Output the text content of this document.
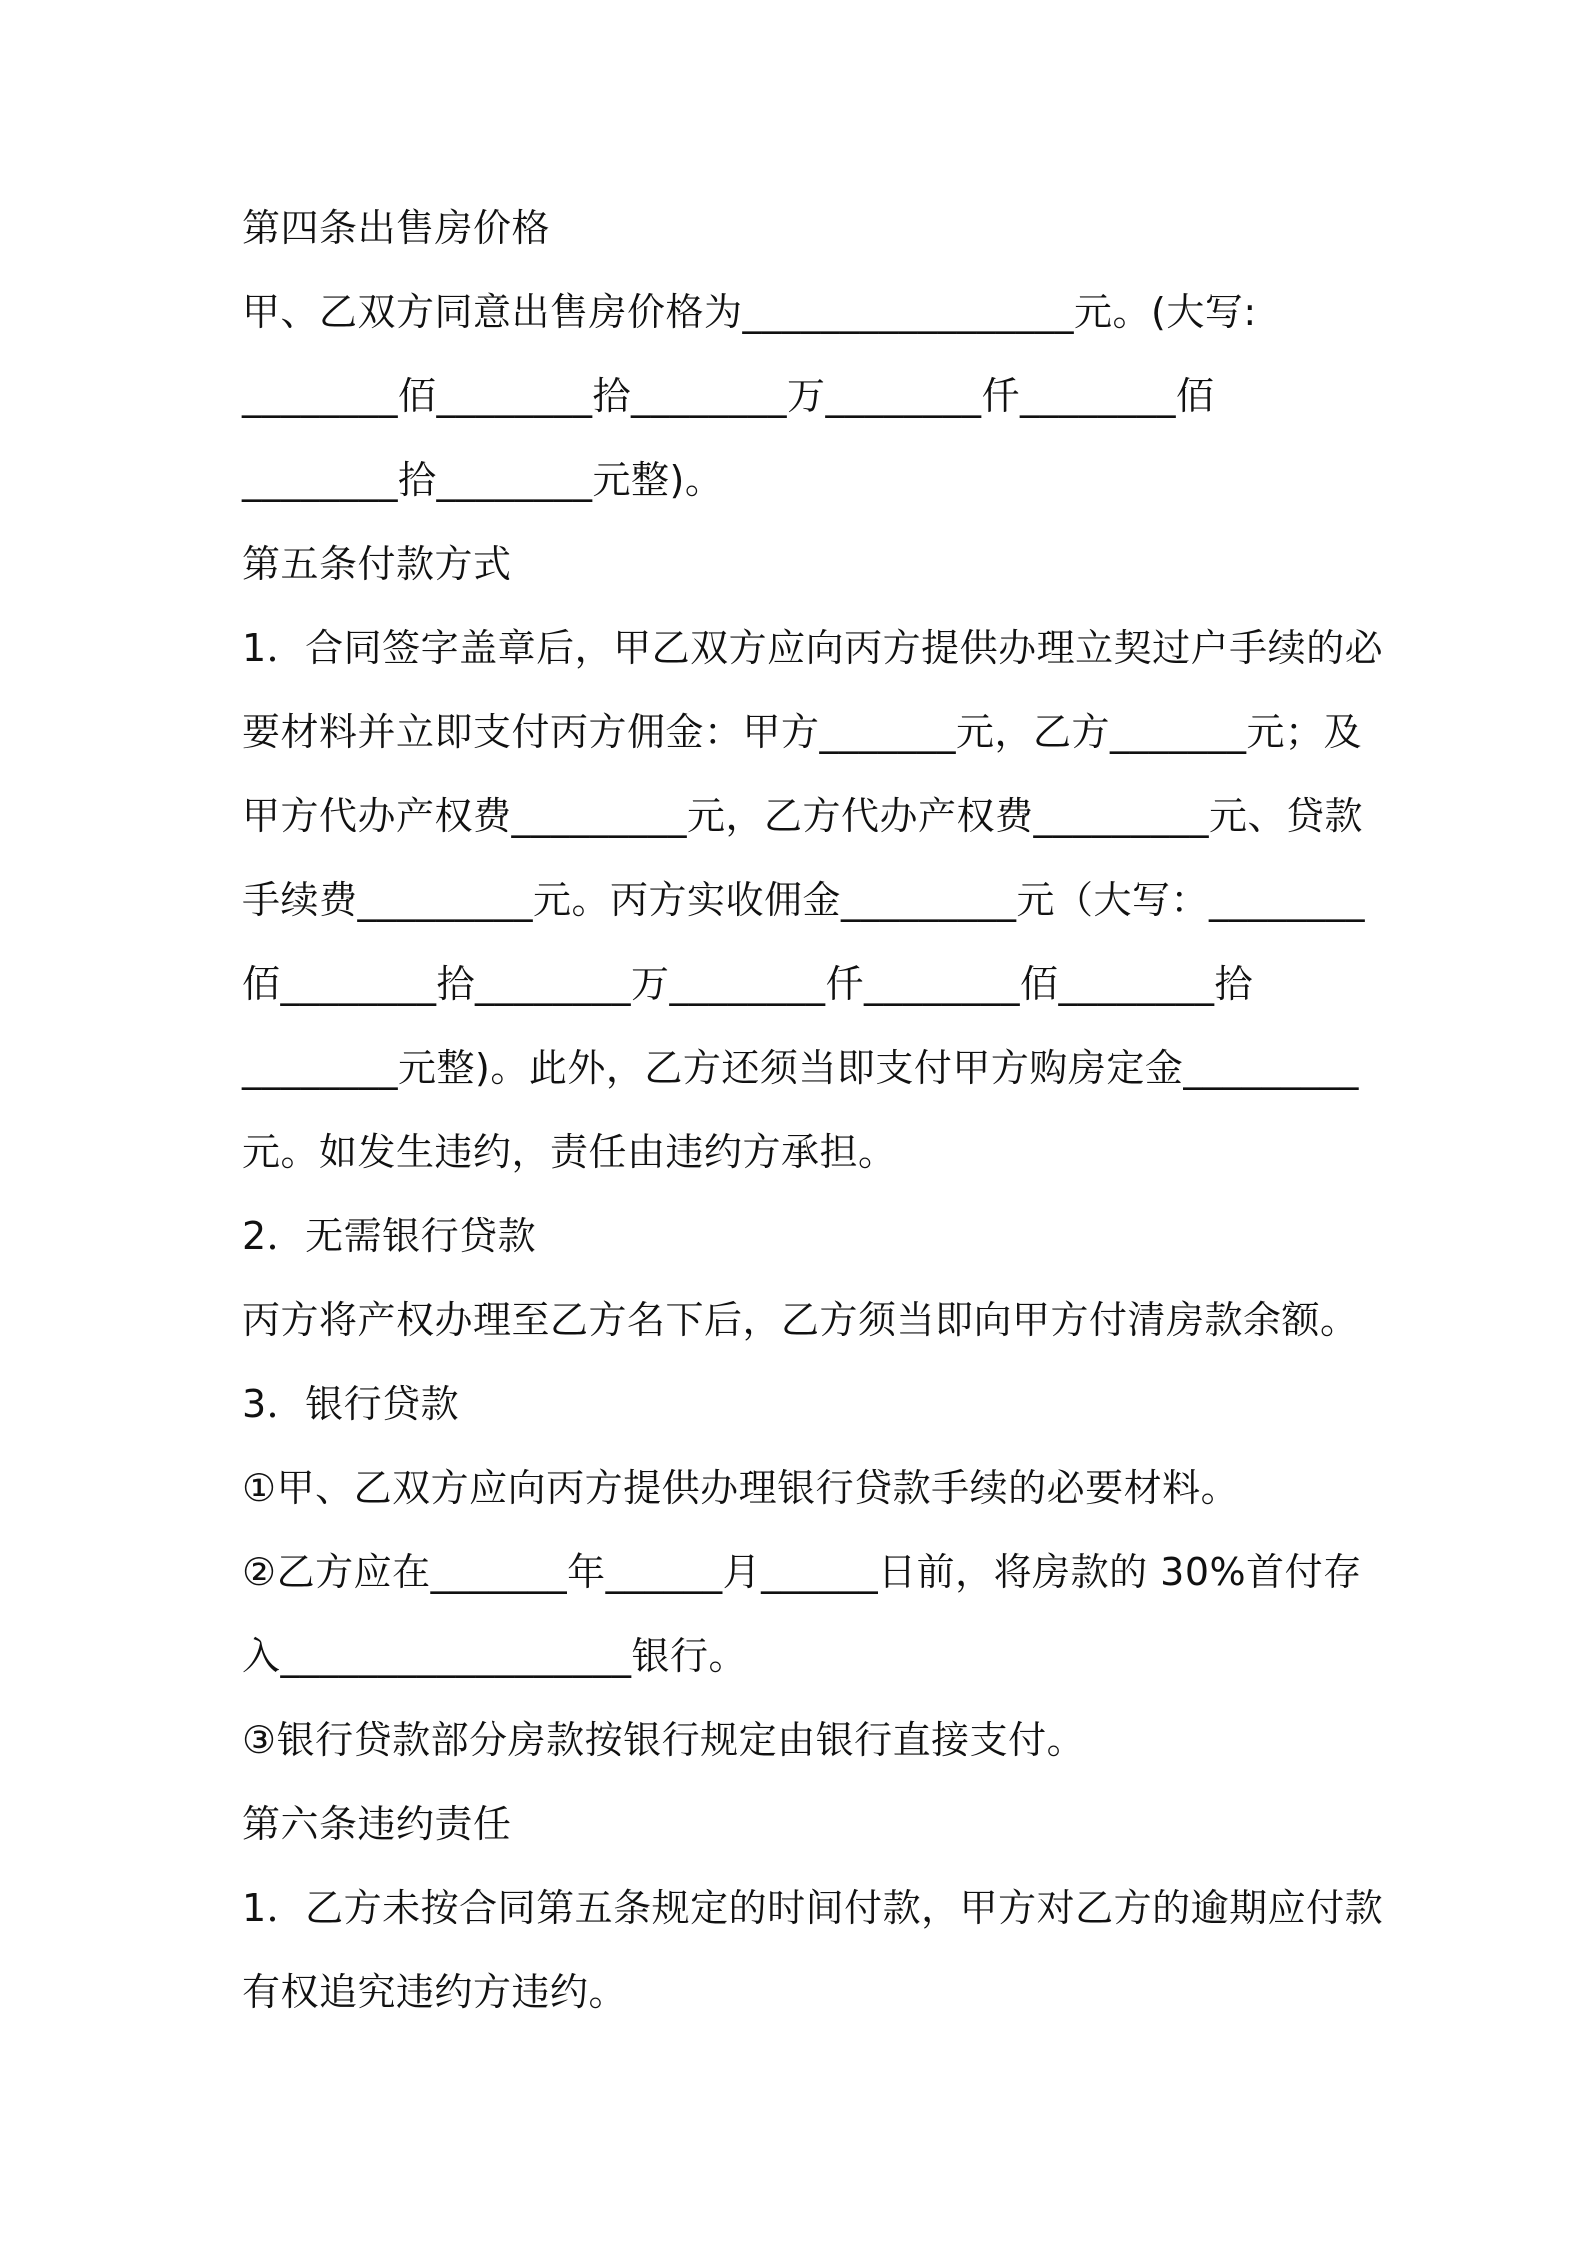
第四条出售房价格
甲、乙双方同意出售房价格为_________________元。(大写:
________佰________拾________万________仟________佰
________拾________元整)。
第五条付款方式
1．合同签字盖章后，甲乙双方应向丙方提供办理立契过户手续的必
要材料并立即支付丙方佣金：甲方_______元，乙方_______元；及
甲方代办产权费_________元，乙方代办产权费_________元、贷款
手续费_________元。丙方实收佣金_________元（大写：________
佰________拾________万________仟________佰________拾
________元整)。此外，乙方还须当即支付甲方购房定金_________
元。如发生违约，责任由违约方承担。
2．无需银行贷款
丙方将产权办理至乙方名下后，乙方须当即向甲方付清房款余额。
3．银行贷款
①甲、乙双方应向丙方提供办理银行贷款手续的必要材料。
②乙方应在_______年______月______日前，将房款的 30%首付存
入__________________银行。
③银行贷款部分房款按银行规定由银行直接支付。
第六条违约责任
1．乙方未按合同第五条规定的时间付款，甲方对乙方的逾期应付款
有权追究违约方违约。
